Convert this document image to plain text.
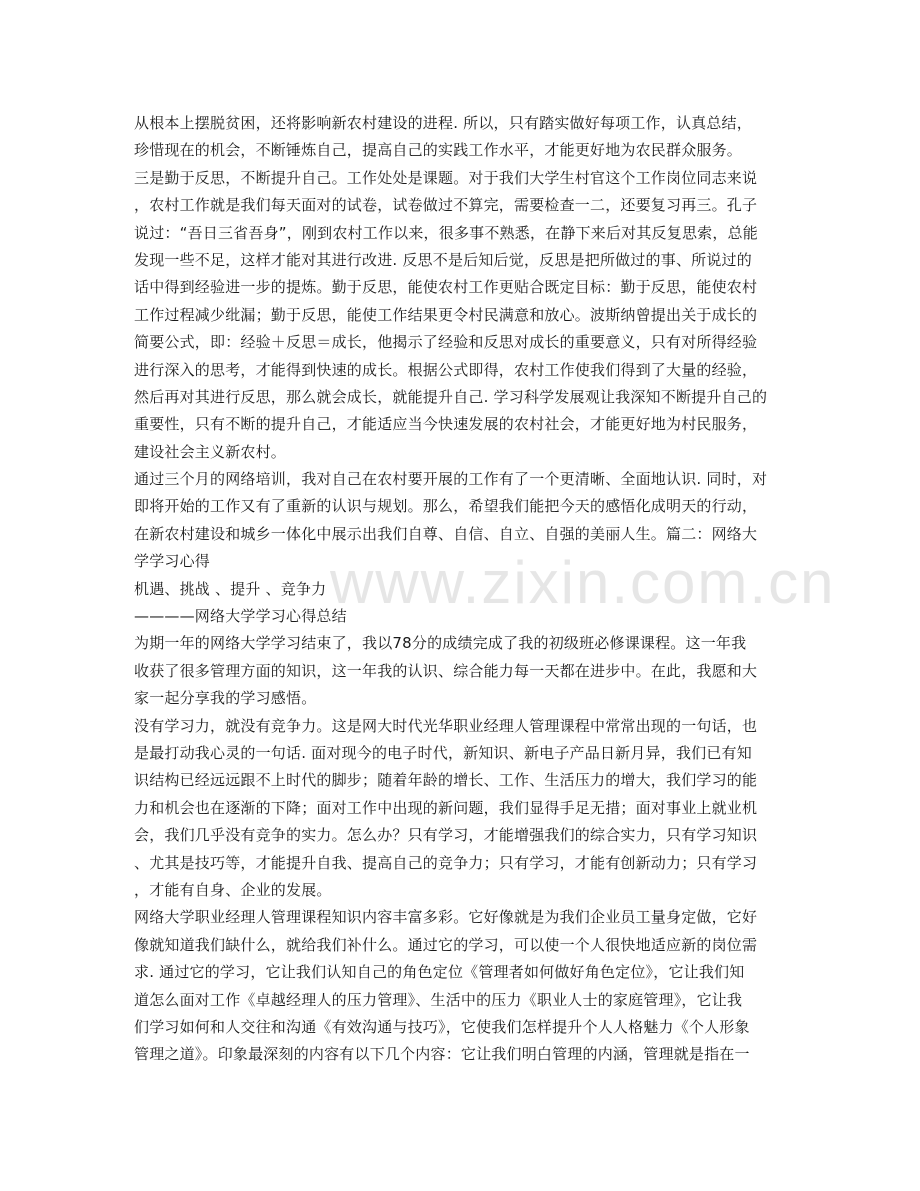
www.zixin.com.cn
从根本上摆脱贫困，还将影响新农村建设的进程. 所以，只有踏实做好每项工作，认真总结，
珍惜现在的机会，不断锤炼自己，提高自己的实践工作水平，才能更好地为农民群众服务。
三是勤于反思，不断提升自己。工作处处是课题。对于我们大学生村官这个工作岗位同志来说
，农村工作就是我们每天面对的试卷，试卷做过不算完，需要检查一二，还要复习再三。孔子
说过：“吾日三省吾身”，刚到农村工作以来，很多事不熟悉，在静下来后对其反复思索，总能
发现一些不足，这样才能对其进行改进. 反思不是后知后觉，反思是把所做过的事、所说过的
话中得到经验进一步的提炼。勤于反思，能使农村工作更贴合既定目标：勤于反思，能使农村
工作过程减少纰漏；勤于反思，能使工作结果更令村民满意和放心。波斯纳曾提出关于成长的
简要公式，即：经验＋反思＝成长，他揭示了经验和反思对成长的重要意义，只有对所得经验
进行深入的思考，才能得到快速的成长。根据公式即得，农村工作使我们得到了大量的经验，
然后再对其进行反思，那么就会成长，就能提升自己. 学习科学发展观让我深知不断提升自己的
重要性，只有不断的提升自己，才能适应当今快速发展的农村社会，才能更好地为村民服务，
建设社会主义新农村。
通过三个月的网络培训，我对自己在农村要开展的工作有了一个更清晰、全面地认识. 同时，对
即将开始的工作又有了重新的认识与规划。那么，希望我们能把今天的感悟化成明天的行动，
在新农村建设和城乡一体化中展示出我们自尊、自信、自立、自强的美丽人生。篇二：网络大
学学习心得
机遇、挑战 、提升 、竞争力
————网络大学学习心得总结
为期一年的网络大学学习结束了，我以78分的成绩完成了我的初级班必修课课程。这一年我
收获了很多管理方面的知识，这一年我的认识、综合能力每一天都在进步中。在此，我愿和大
家一起分享我的学习感悟。
没有学习力，就没有竞争力。这是网大时代光华职业经理人管理课程中常常出现的一句话，也
是最打动我心灵的一句话. 面对现今的电子时代，新知识、新电子产品日新月异，我们已有知
识结构已经远远跟不上时代的脚步；随着年龄的增长、工作、生活压力的增大，我们学习的能
力和机会也在逐渐的下降；面对工作中出现的新问题，我们显得手足无措；面对事业上就业机
会，我们几乎没有竞争的实力。怎么办？只有学习，才能增强我们的综合实力，只有学习知识
、尤其是技巧等，才能提升自我、提高自己的竞争力；只有学习，才能有创新动力；只有学习
，才能有自身、企业的发展。
网络大学职业经理人管理课程知识内容丰富多彩。它好像就是为我们企业员工量身定做，它好
像就知道我们缺什么，就给我们补什么。通过它的学习，可以使一个人很快地适应新的岗位需
求. 通过它的学习，它让我们认知自己的角色定位《管理者如何做好角色定位》，它让我们知
道怎么面对工作《卓越经理人的压力管理》、生活中的压力《职业人士的家庭管理》，它让我
们学习如何和人交往和沟通《有效沟通与技巧》，它使我们怎样提升个人人格魅力《个人形象
管理之道》。印象最深刻的内容有以下几个内容：它让我们明白管理的内涵，管理就是指在一
